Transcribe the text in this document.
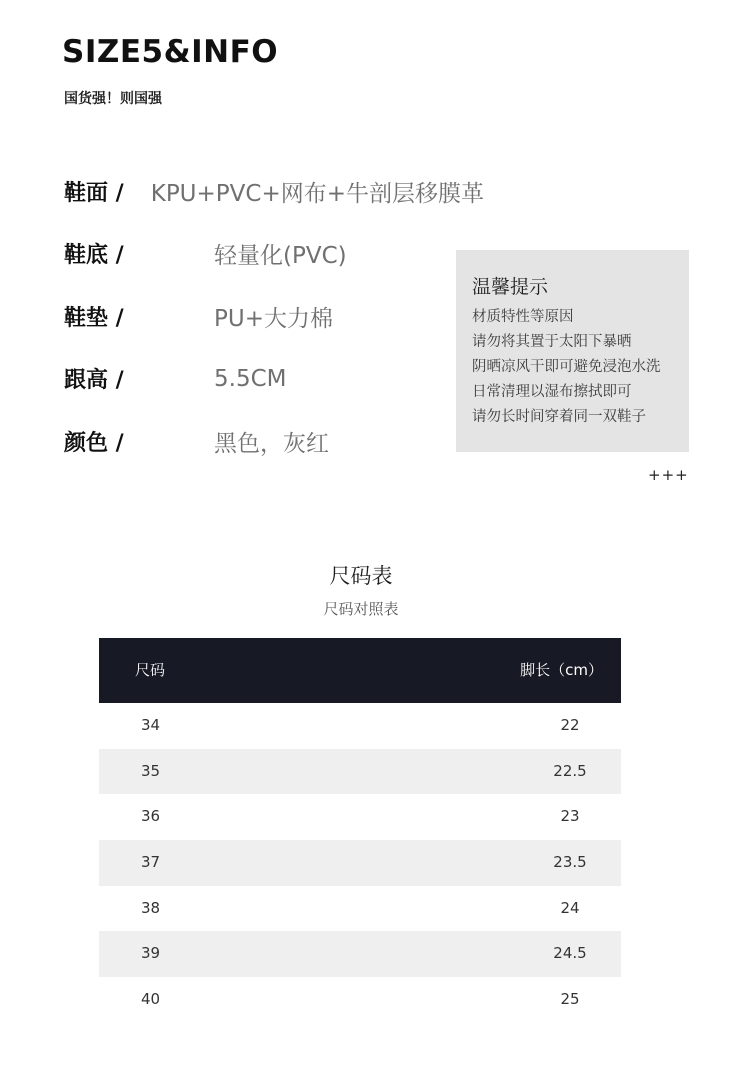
SIZE5&INFO
国货强！则国强
鞋面 /	KPU+PVC+网布+牛剖层移膜革
鞋底 /	轻量化(PVC)
鞋垫 /	PU+大力棉
跟高 /	5.5CM
颜色 /	黑色，灰红
温馨提示
材质特性等原因
请勿将其置于太阳下暴晒
阴晒凉风干即可避免浸泡水洗
日常清理以湿布擦拭即可
请勿长时间穿着同一双鞋子
+++
尺码表
尺码对照表
尺码	脚长（cm）
34	22
35	22.5
36	23
37	23.5
38	24
39	24.5
40	25
